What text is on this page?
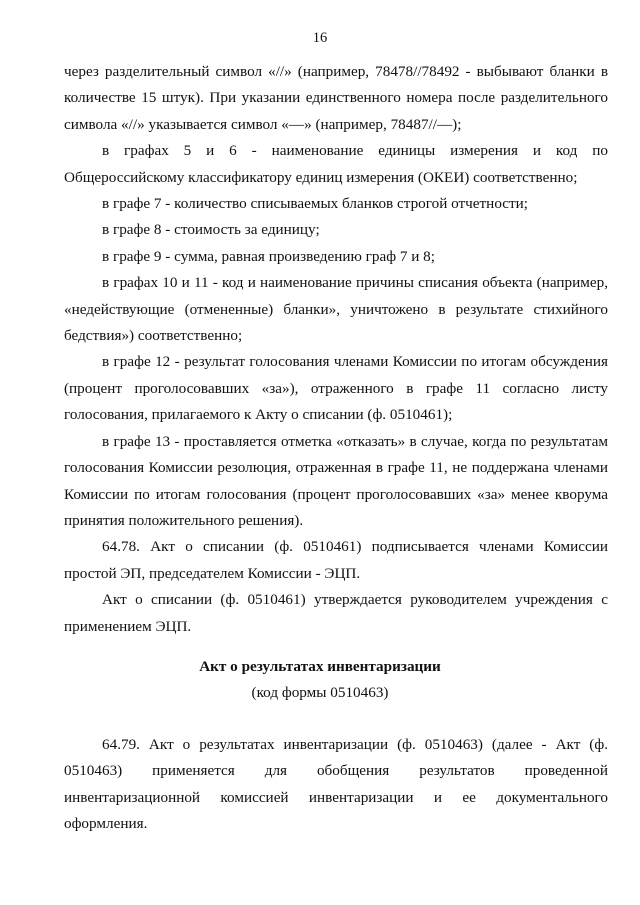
16

через разделительный символ «//» (например, 78478//78492 - выбывают бланки в количестве 15 штук). При указании единственного номера после разделительного символа «//» указывается символ «—» (например, 78487//—);

в графах 5 и 6 - наименование единицы измерения и код по Общероссийскому классификатору единиц измерения (ОКЕИ) соответственно;

в графе 7 - количество списываемых бланков строгой отчетности;

в графе 8 - стоимость за единицу;

в графе 9 - сумма, равная произведению граф 7 и 8;

в графах 10 и 11 - код и наименование причины списания объекта (например, «недействующие (отмененные) бланки», уничтожено в результате стихийного бедствия») соответственно;

в графе 12 - результат голосования членами Комиссии по итогам обсуждения (процент проголосовавших «за»), отраженного в графе 11 согласно листу голосования, прилагаемого к Акту о списании (ф. 0510461);

в графе 13 - проставляется отметка «отказать» в случае, когда по результатам голосования Комиссии резолюция, отраженная в графе 11, не поддержана членами Комиссии по итогам голосования (процент проголосовавших «за» менее кворума принятия положительного решения).

64.78. Акт о списании (ф. 0510461) подписывается членами Комиссии простой ЭП, председателем Комиссии - ЭЦП.

Акт о списании (ф. 0510461) утверждается руководителем учреждения с применением ЭЦП.

Акт о результатах инвентаризации
(код формы 0510463)

64.79. Акт о результатах инвентаризации (ф. 0510463) (далее - Акт (ф. 0510463) применяется для обобщения результатов проведенной инвентаризационной комиссией инвентаризации и ее документального оформления.
